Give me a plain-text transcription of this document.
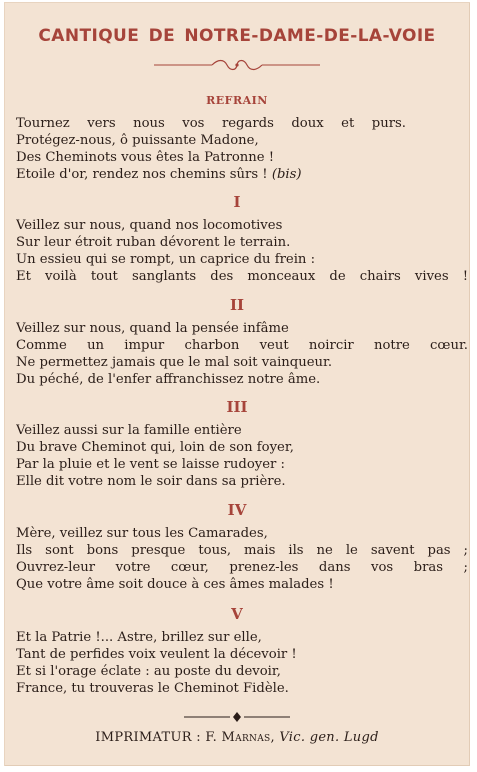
CANTIQUE DE NOTRE-DAME-DE-LA-VOIE
REFRAIN
Tournez vers nous vos regards doux et purs.
Protégez-nous, ô puissante Madone,
Des Cheminots vous êtes la Patronne !
Etoile d'or, rendez nos chemins sûrs ! (bis)
I
Veillez sur nous, quand nos locomotives
Sur leur étroit ruban dévorent le terrain.
Un essieu qui se rompt, un caprice du frein :
Et voilà tout sanglants des monceaux de chairs vives !
II
Veillez sur nous, quand la pensée infâme
Comme un impur charbon veut noircir notre cœur.
Ne permettez jamais que le mal soit vainqueur.
Du péché, de l'enfer affranchissez notre âme.
III
Veillez aussi sur la famille entière
Du brave Cheminot qui, loin de son foyer,
Par la pluie et le vent se laisse rudoyer :
Elle dit votre nom le soir dans sa prière.
IV
Mère, veillez sur tous les Camarades,
Ils sont bons presque tous, mais ils ne le savent pas ;
Ouvrez-leur votre cœur, prenez-les dans vos bras ;
Que votre âme soit douce à ces âmes malades !
V
Et la Patrie !... Astre, brillez sur elle,
Tant de perfides voix veulent la décevoir !
Et si l'orage éclate : au poste du devoir,
France, tu trouveras le Cheminot Fidèle.
IMPRIMATUR : F. Marnas, Vic. gen. Lugd
